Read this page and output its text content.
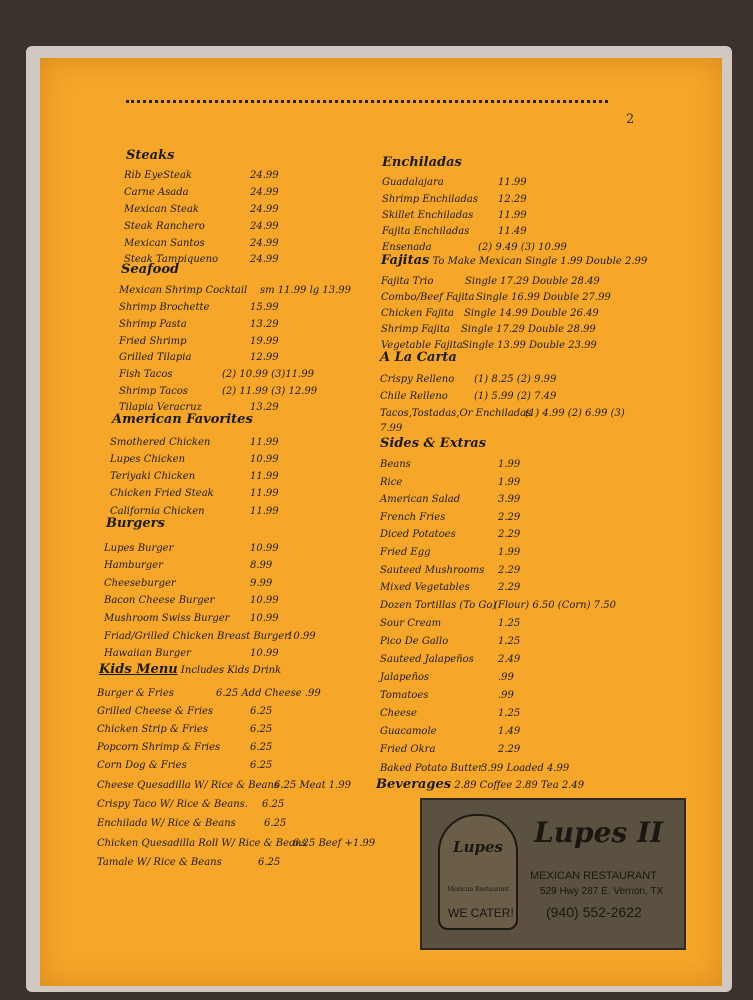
2
Steaks
Rib EyeSteak	24.99
Carne Asada	24.99
Mexican Steak	24.99
Steak Ranchero	24.99
Mexican Santos	24.99
Steak Tampiqueno	24.99
Seafood
Mexican Shrimp Cocktail sm 11.99 lg 13.99
Shrimp Brochette	15.99
Shrimp Pasta	13.29
Fried Shrimp	19.99
Grilled Tilapia	12.99
Fish Tacos	(2) 10.99 (3)11.99
Shrimp Tacos	(2) 11.99 (3) 12.99
Tilapia Veracruz	13.29
American Favorites
Smothered Chicken	11.99
Lupes Chicken	10.99
Teriyaki Chicken	11.99
Chicken Fried Steak	11.99
California Chicken	11.99
Burgers
Lupes Burger	10.99
Hamburger	8.99
Cheeseburger	9.99
Bacon Cheese Burger	10.99
Mushroom Swiss Burger 10.99
Friad/Grilled Chicken Breast Burger
10.99
Hawaiian Burger	10.99
Kids Menu Includes Kids Drink
Burger & Fries	6.25 Add Cheese .99
Grilled Cheese & Fries	6.25
Chicken Strip & Fries	6.25
Popcorn Shrimp & Fries	6.25
Corn Dog & Fries	6.25
Cheese Quesadilla W/ Rice & Beans
6.25 Meat 1.99
Crispy Taco W/ Rice & Beans. 6.25
Enchilada W/ Rice & Beans	6.25
Chicken Quesadilla Roll W/ Rice & Beans
6.25 Beef +1.99
Tamale W/ Rice & Beans	6.25
Enchiladas
Guadalajara	11.99
Shrimp Enchiladas 12.29
Skillet Enchiladas 11.99
Fajita Enchiladas	11.49
Ensenada	(2) 9.49 (3) 10.99
Fajitas To Make Mexican Single 1.99 Double 2.99
Fajita Trio	Single 17.29 Double 28.49
Combo/Beef Fajita Single 16.99 Double 27.99
Chicken Fajita Single 14.99 Double 26.49
Shrimp Fajita Single 17.29 Double 28.99
Vegetable Fajita Single 13.99 Double 23.99
A La Carta
Crispy Relleno (1) 8.25 (2) 9.99
Chile Relleno	(1) 5.99 (2) 7.49
Tacos,Tostadas,Or Enchiladas
(1) 4.99 (2) 6.99 (3)
7.99
Sides & Extras
Beans	1.99
Rice	1.99
American Salad	3.99
French Fries	2.29
Diced Potatoes	2.29
Fried Egg	1.99
Sauteed Mushrooms 2.29
Mixed Vegetables	2.29
Dozen Tortillas (To Go)
(Flour) 6.50 (Corn) 7.50
Sour Cream	1.25
Pico De Gallo	1.25
Sauteed Jalapeños 2.49
Jalapeños	.99
Tomatoes	.99
Cheese	1.25
Guacamole	1.49
Fried Okra	2.29
Baked Potato Butter
3.99 Loaded 4.99
Beverages 2.89 Coffee 2.89 Tea 2.49
Lupes
Mexican Restaurant
Lupes II
MEXICAN RESTAURANT
529 Hwy 287 E. Vernon, TX
(940) 552-2622
WE CATER!
